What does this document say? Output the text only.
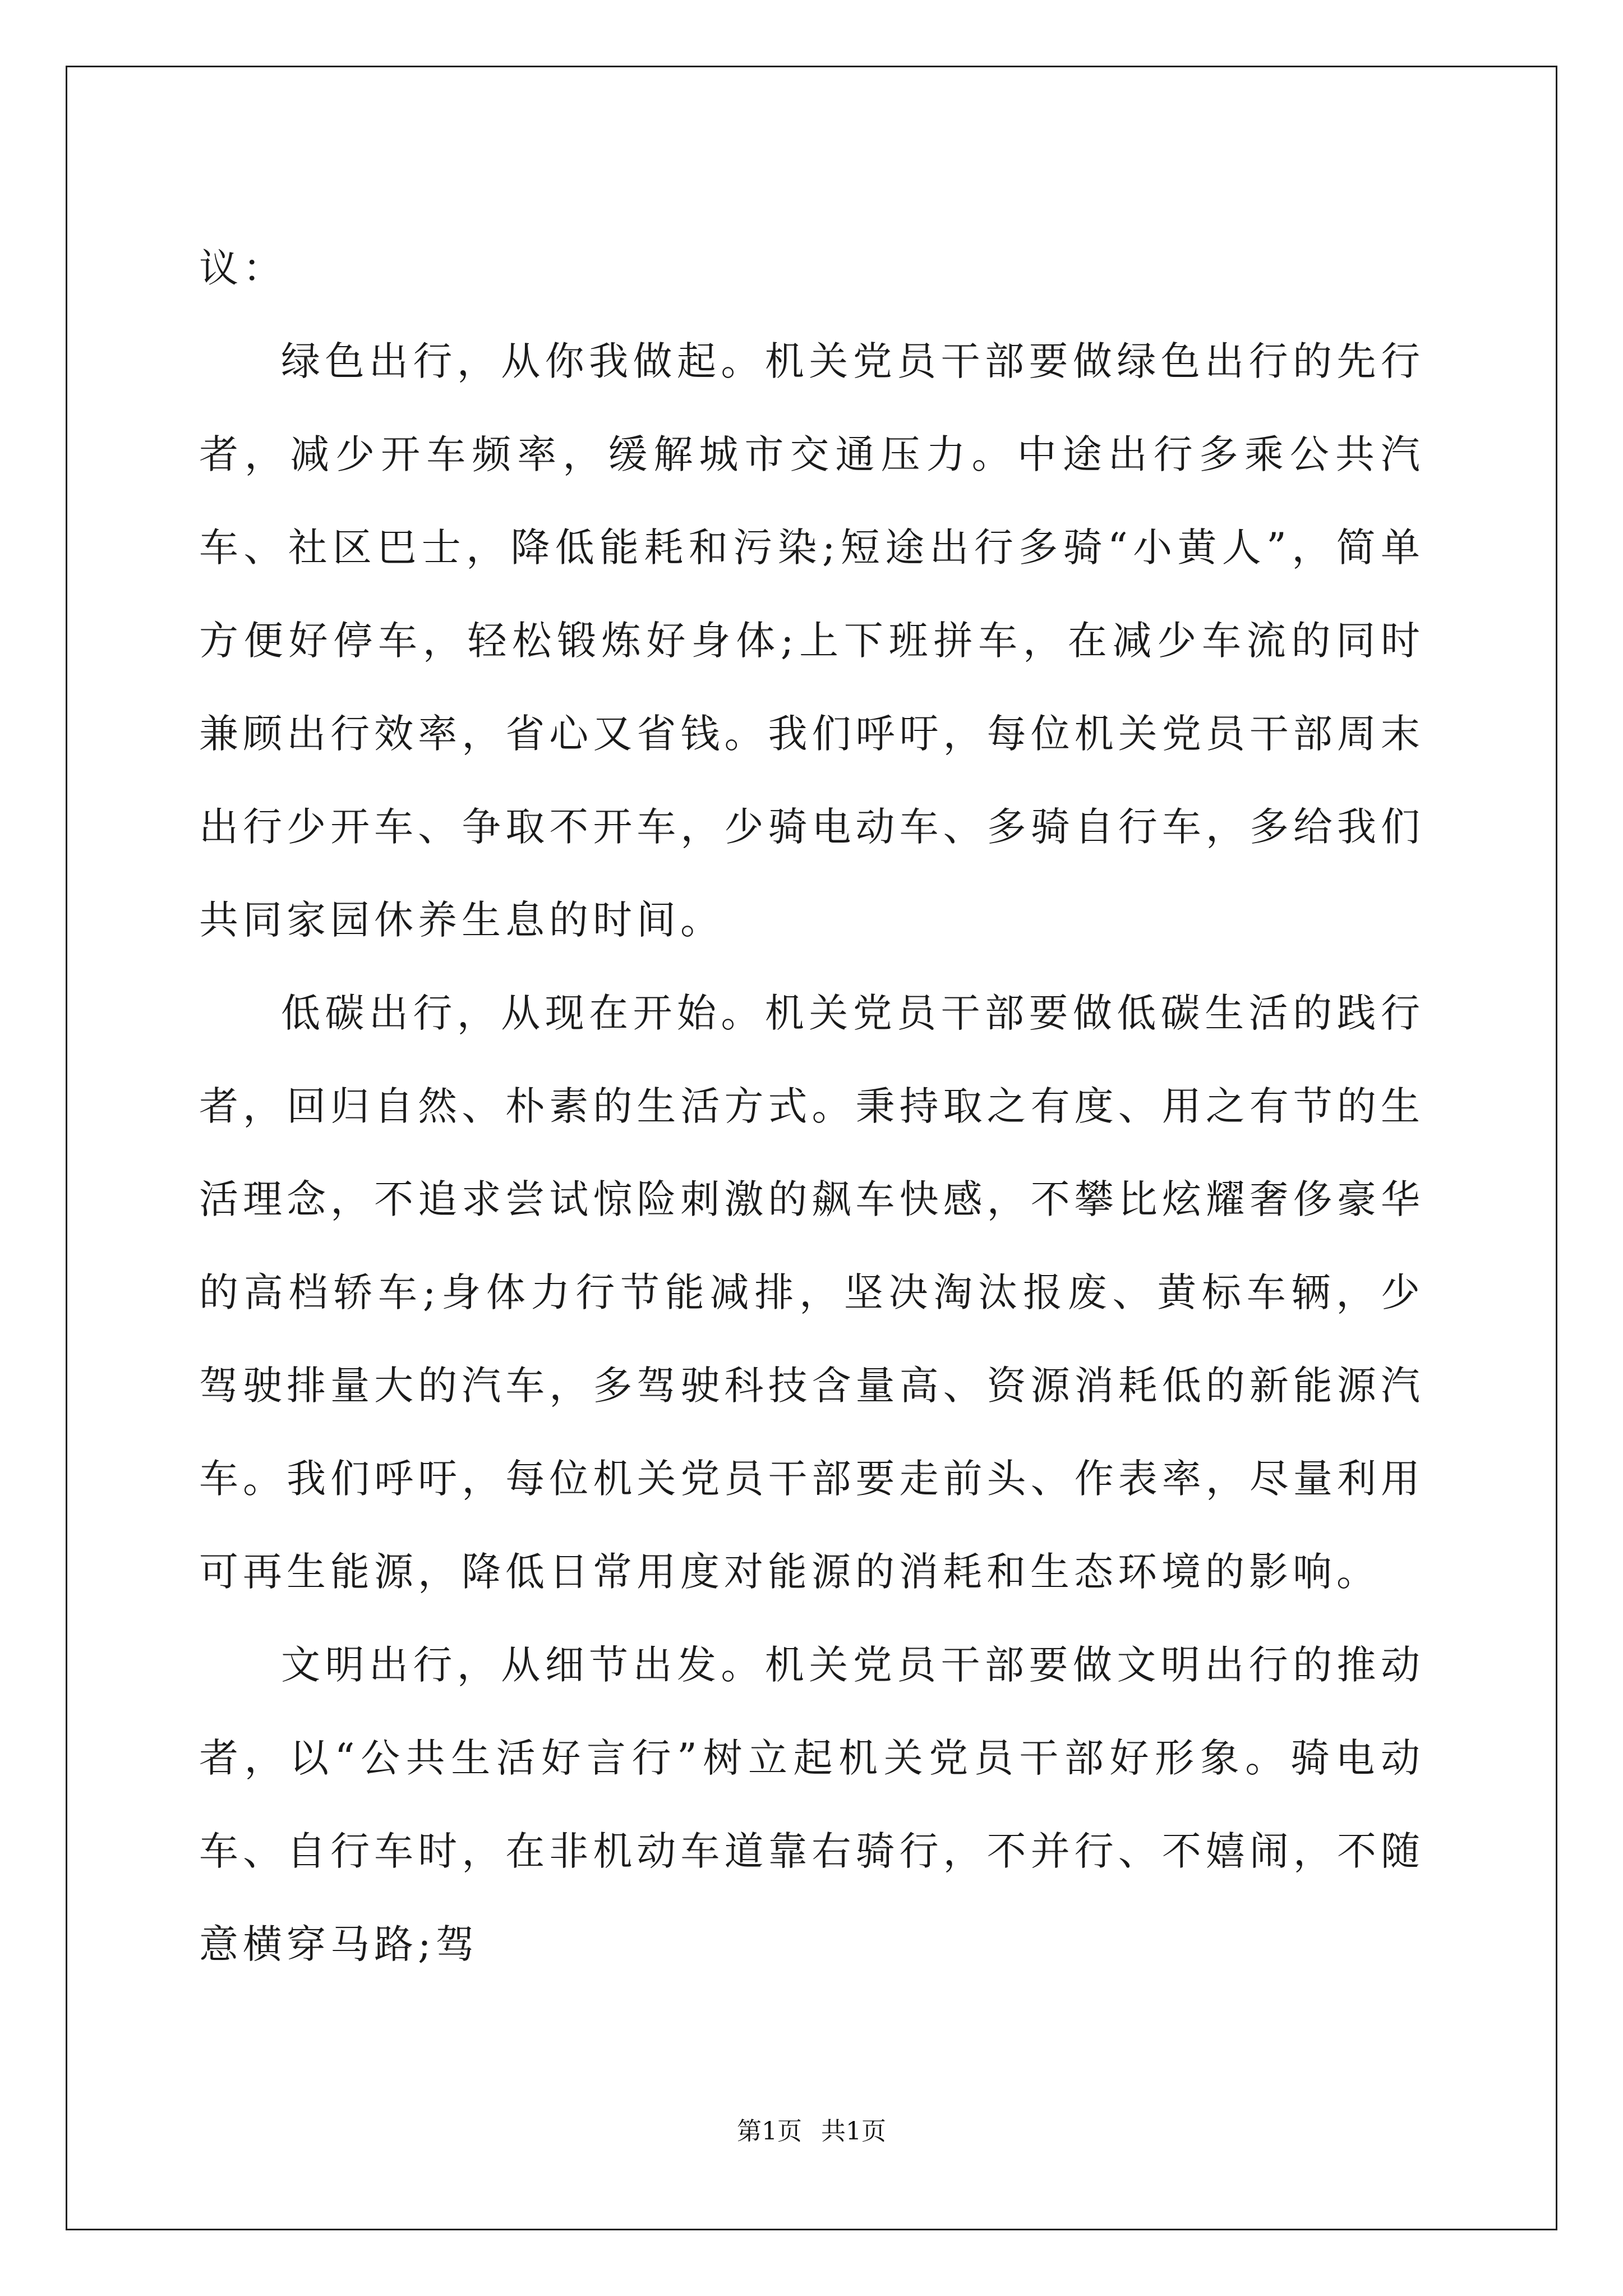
议：

绿色出行，从你我做起。机关党员干部要做绿色出行的先行者，减少开车频率，缓解城市交通压力。中途出行多乘公共汽车、社区巴士，降低能耗和污染;短途出行多骑“小黄人”，简单方便好停车，轻松锻炼好身体;上下班拼车，在减少车流的同时兼顾出行效率，省心又省钱。我们呼吁，每位机关党员干部周末出行少开车、争取不开车，少骑电动车、多骑自行车，多给我们共同家园休养生息的时间。

低碳出行，从现在开始。机关党员干部要做低碳生活的践行者，回归自然、朴素的生活方式。秉持取之有度、用之有节的生活理念，不追求尝试惊险刺激的飙车快感，不攀比炫耀奢侈豪华的高档轿车;身体力行节能减排，坚决淘汰报废、黄标车辆，少驾驶排量大的汽车，多驾驶科技含量高、资源消耗低的新能源汽车。我们呼吁，每位机关党员干部要走前头、作表率，尽量利用可再生能源，降低日常用度对能源的消耗和生态环境的影响。

文明出行，从细节出发。机关党员干部要做文明出行的推动者，以“公共生活好言行”树立起机关党员干部好形象。骑电动车、自行车时，在非机动车道靠右骑行，不并行、不嬉闹，不随意横穿马路;驾

第1页 共1页
